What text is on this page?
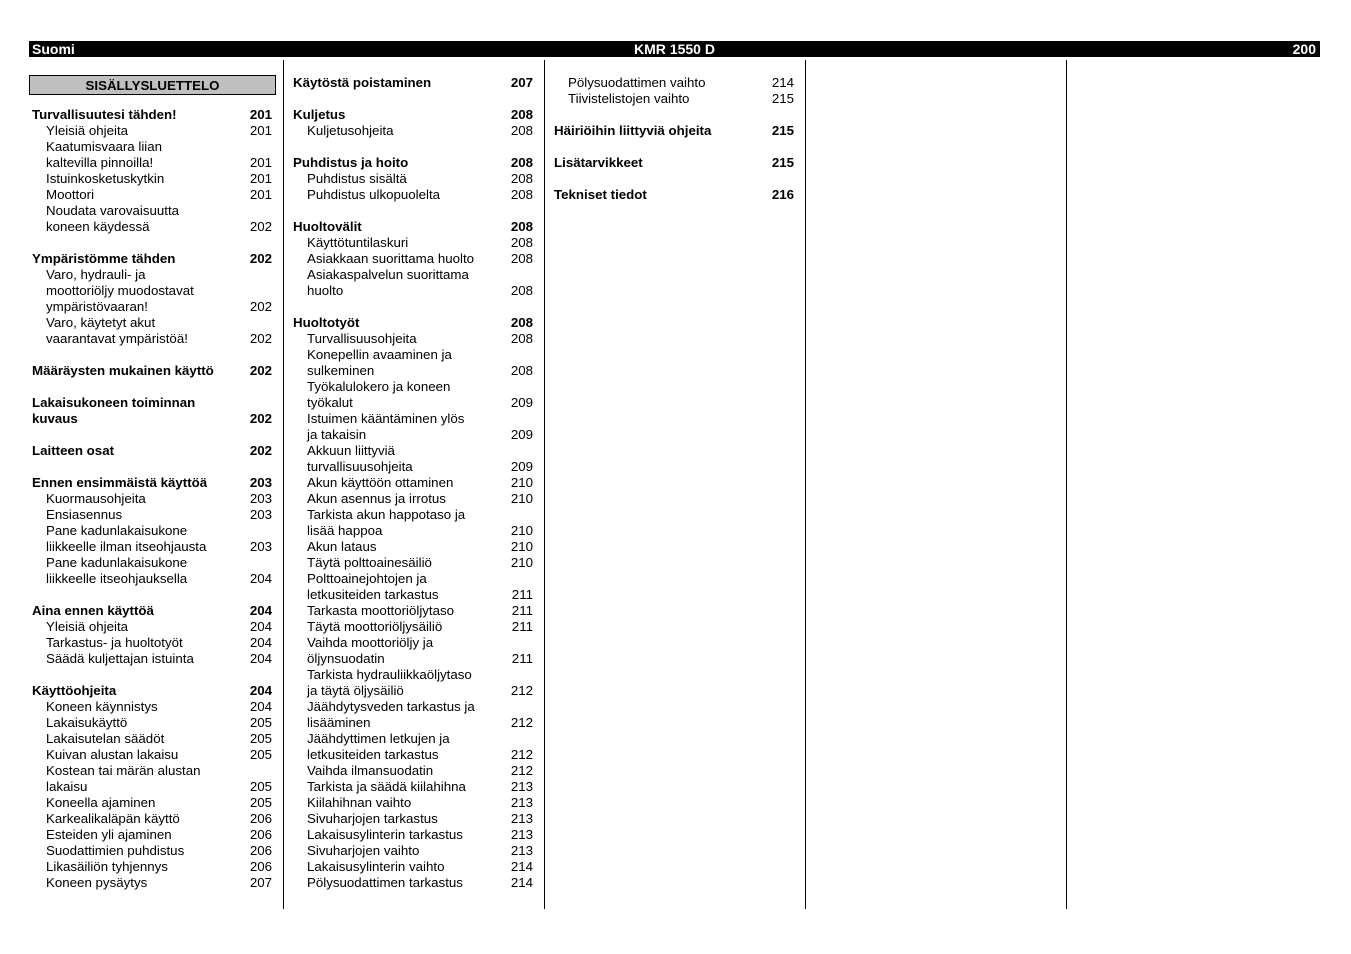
Suomi	KMR 1550 D	200
SISÄLLYSLUETTELO
Turvallisuutesi tähden!	201
Yleisiä ohjeita	201
Kaatumisvaara liian
kaltevilla pinnoilla!	201
Istuinkosketuskytkin	201
Moottori	201
Noudata varovaisuutta
koneen käydessä	202
Ympäristömme tähden	202
Varo, hydrauli- ja
moottoriöljy muodostavat
ympäristövaaran!	202
Varo, käytetyt akut
vaarantavat ympäristöä!	202
Määräysten mukainen käyttö	202
Lakaisukoneen toiminnan
kuvaus	202
Laitteen osat	202
Ennen ensimmäistä käyttöä	203
Kuormausohjeita	203
Ensiasennus	203
Pane kadunlakaisukone
liikkeelle ilman itseohjausta	203
Pane kadunlakaisukone
liikkeelle itseohjauksella	204
Aina ennen käyttöä	204
Yleisiä ohjeita	204
Tarkastus- ja huoltotyöt	204
Säädä kuljettajan istuinta	204
Käyttöohjeita	204
Koneen käynnistys	204
Lakaisukäyttö	205
Lakaisutelan säädöt	205
Kuivan alustan lakaisu	205
Kostean tai märän alustan
lakaisu	205
Koneella ajaminen	205
Karkealikaläpän käyttö	206
Esteiden yli ajaminen	206
Suodattimien puhdistus	206
Likasäiliön tyhjennys	206
Koneen pysäytys	207
Käytöstä poistaminen	207
Kuljetus	208
Kuljetusohjeita	208
Puhdistus ja hoito	208
Puhdistus sisältä	208
Puhdistus ulkopuolelta	208
Huoltovälit	208
Käyttötuntilaskuri	208
Asiakkaan suorittama huolto	208
Asiakaspalvelun suorittama
huolto	208
Huoltotyöt	208
Turvallisuusohjeita	208
Konepellin avaaminen ja
sulkeminen	208
Työkalulokero ja koneen
työkalut	209
Istuimen kääntäminen ylös
ja takaisin	209
Akkuun liittyviä
turvallisuusohjeita	209
Akun käyttöön ottaminen	210
Akun asennus ja irrotus	210
Tarkista akun happotaso ja
lisää happoa	210
Akun lataus	210
Täytä polttoainesäiliö	210
Polttoainejohtojen ja
letkusiteiden tarkastus	211
Tarkasta moottoriöljytaso	211
Täytä moottoriöljysäiliö	211
Vaihda moottoriöljy ja
öljynsuodatin	211
Tarkista hydrauliikkaöljytaso
ja täytä öljysäiliö	212
Jäähdytysveden tarkastus ja
lisääminen	212
Jäähdyttimen letkujen ja
letkusiteiden tarkastus	212
Vaihda ilmansuodatin	212
Tarkista ja säädä kiilahihna	213
Kiilahihnan vaihto	213
Sivuharjojen tarkastus	213
Lakaisusylinterin tarkastus	213
Sivuharjojen vaihto	213
Lakaisusylinterin vaihto	214
Pölysuodattimen tarkastus	214
Pölysuodattimen vaihto	214
Tiivistelistojen vaihto	215
Häiriöihin liittyviä ohjeita	215
Lisätarvikkeet	215
Tekniset tiedot	216
